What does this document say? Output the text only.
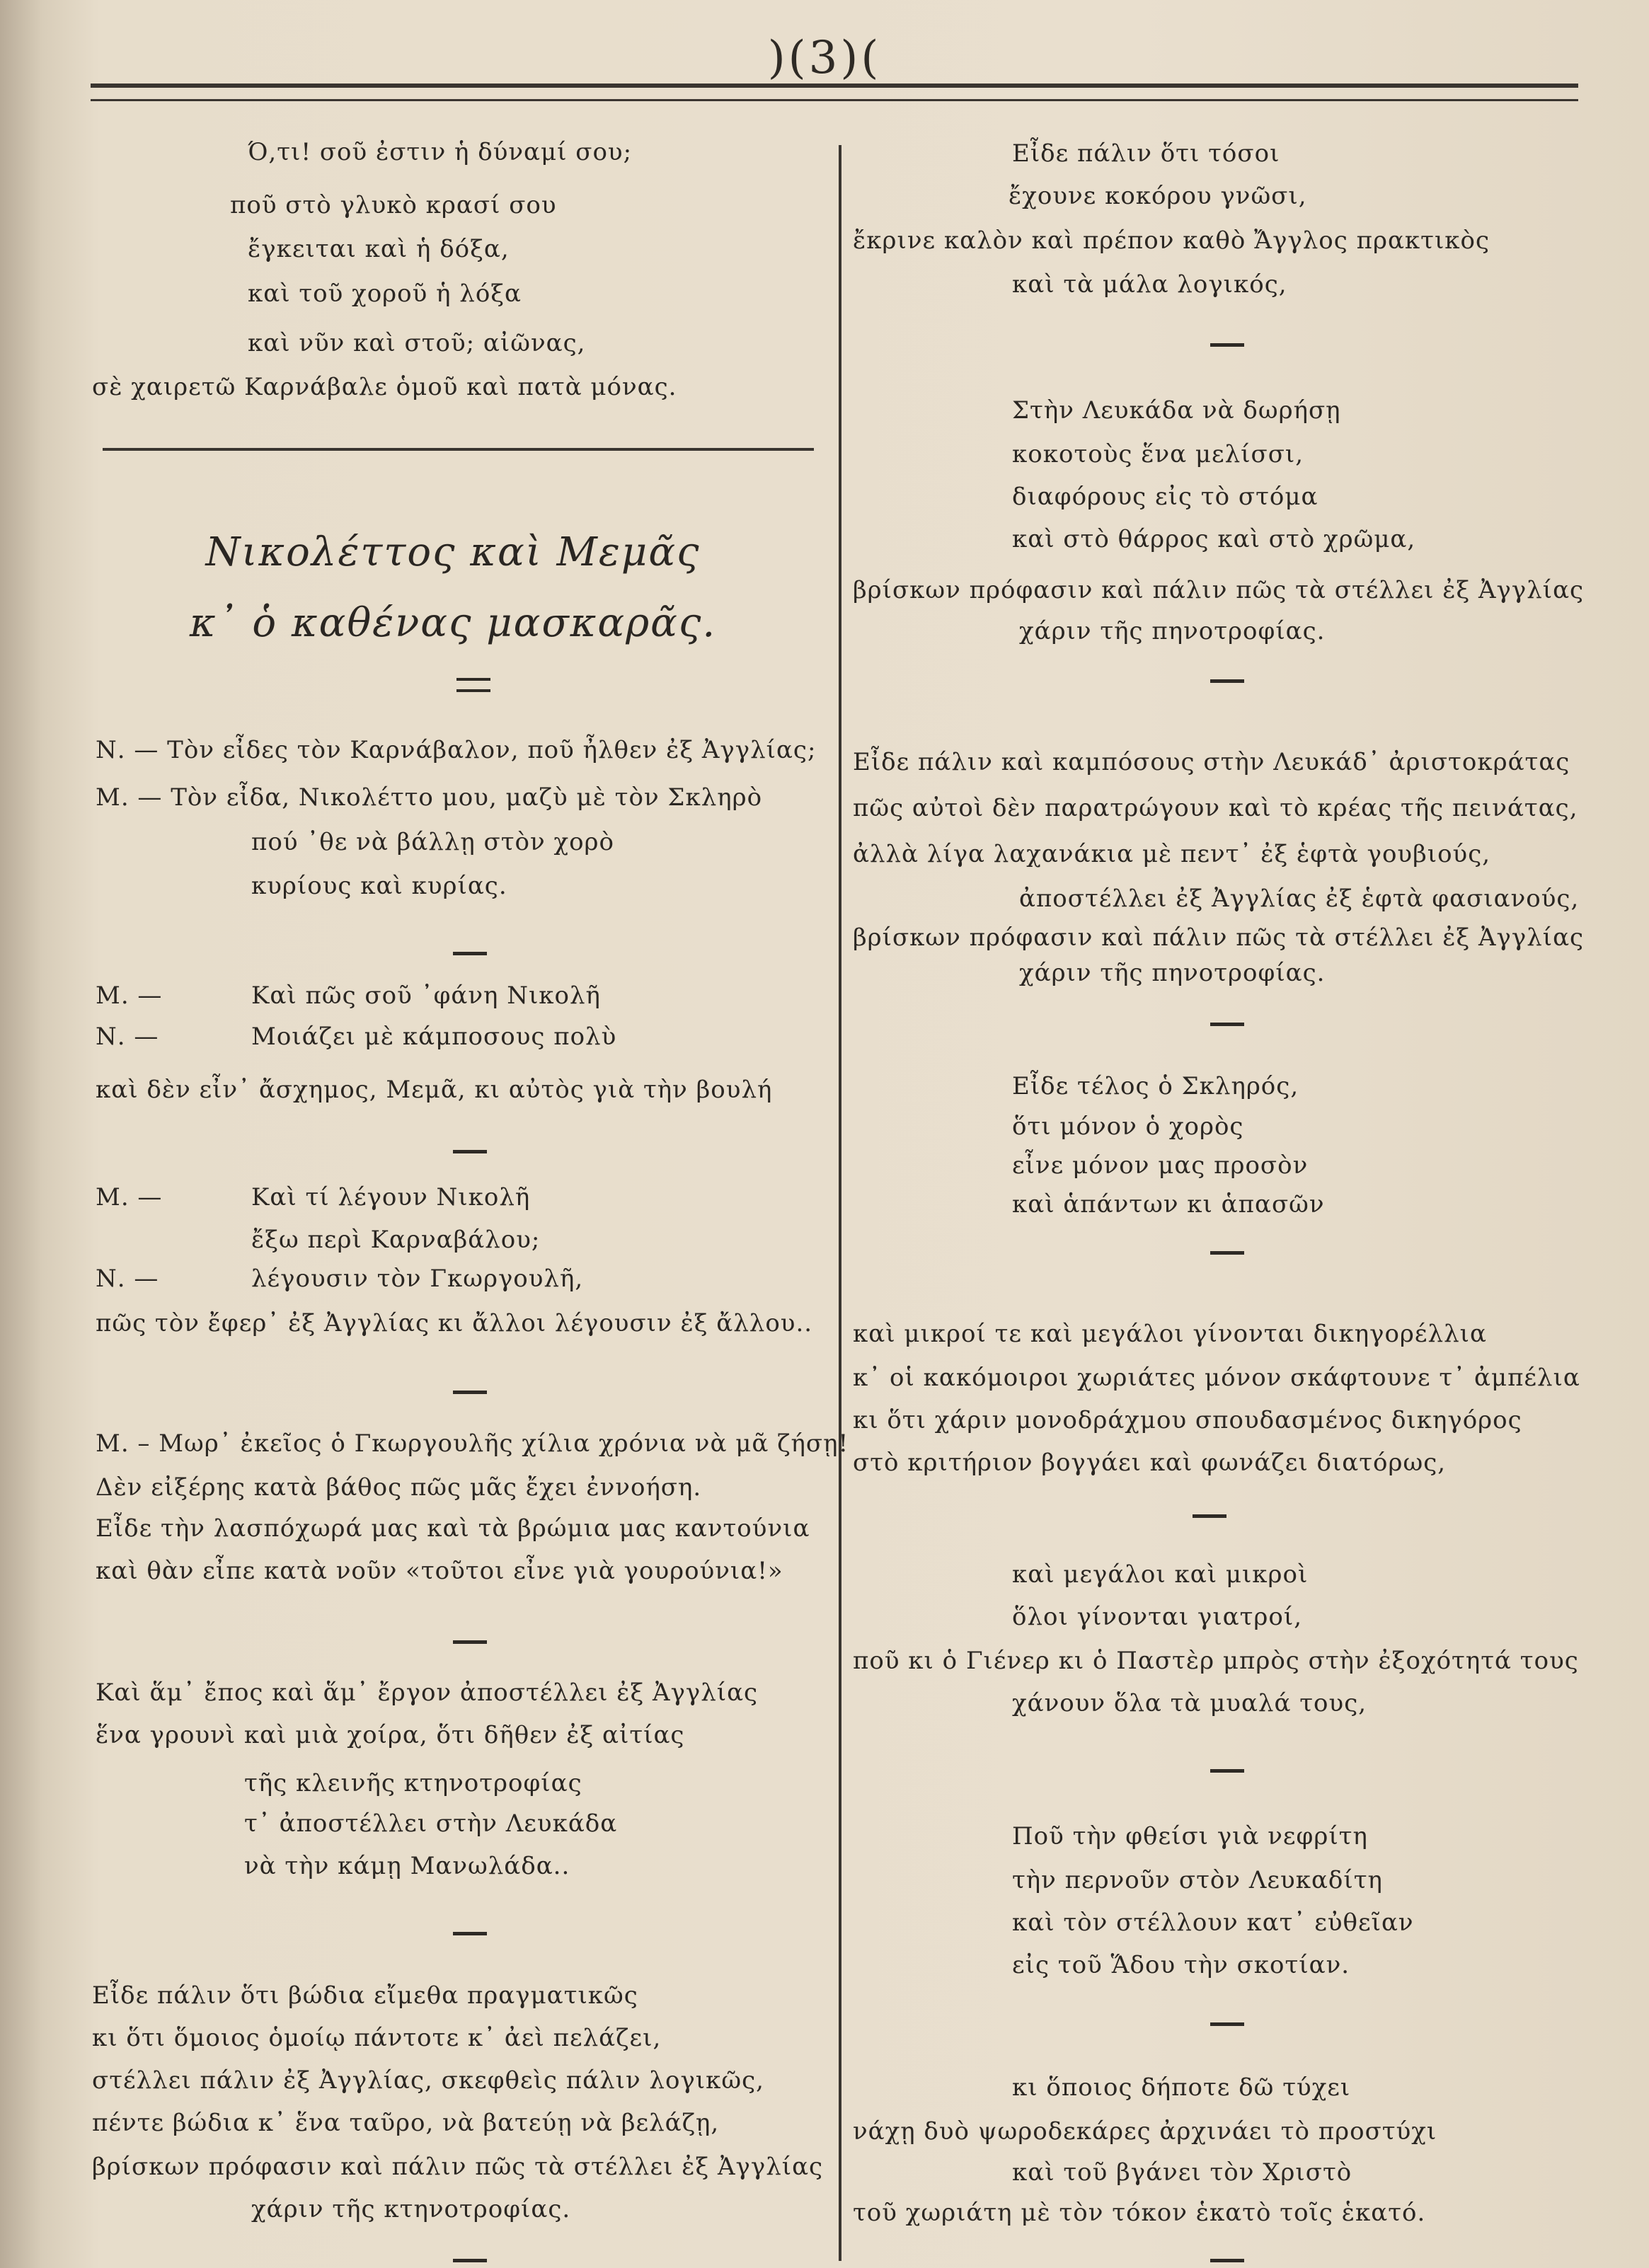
)(3)(
Ό,τι! σοῦ ἐστιν ἡ δύναμί σου;
ποῦ στὸ γλυκὸ κρασί σου
ἔγκειται καὶ ἡ δόξα,
καὶ τοῦ χοροῦ ἡ λόξα
καὶ νῦν καὶ στοῦ; αἰῶνας,
σὲ χαιρετῶ Καρνάβαλε ὁμοῦ καὶ πατὰ μόνας.
Νικολέττος καὶ Μεμᾶς
κ᾽ ὁ καθένας μασκαρᾶς.
Ν. — Τὸν εἶδες τὸν Καρνάβαλον, ποῦ ἦλθεν ἐξ Ἀγγλίας;
Μ. — Τὸν εἶδα, Νικολέττο μου, μαζὺ μὲ τὸν Σκληρὸ
πού ᾽θε νὰ βάλλῃ στὸν χορὸ
κυρίους καὶ κυρίας.
Μ. —	Καὶ πῶς σοῦ ᾽φάνη Νικολῆ
Ν. —	Μοιάζει μὲ κάμποσους πολὺ
καὶ δὲν εἶν᾽ ἄσχημος, Μεμᾶ, κι αὐτὸς γιὰ τὴν βουλή
Μ. —	Καὶ τί λέγουν Νικολῆ
ἔξω περὶ Καρναβάλου;
Ν. —	λέγουσιν τὸν Γκωργουλῆ,
πῶς τὸν ἔφερ᾽ ἐξ Ἀγγλίας κι ἄλλοι λέγουσιν ἐξ ἄλλου..
Μ. – Μωρ᾽ ἐκεῖος ὁ Γκωργουλῆς χίλια χρόνια νὰ μᾶ ζήσῃ!
Δὲν εἰξέρης κατὰ βάθος πῶς μᾶς ἔχει ἐννοήση.
Εἶδε τὴν λασπόχωρά μας καὶ τὰ βρώμια μας καντούνια
καὶ θὰν εἶπε κατὰ νοῦν «τοῦτοι εἶνε γιὰ γουρούνια!»
Καὶ ἅμ᾽ ἔπος καὶ ἅμ᾽ ἔργον ἀποστέλλει ἐξ Ἀγγλίας
ἕνα γρουνὶ καὶ μιὰ χοίρα, ὅτι δῆθεν ἐξ αἰτίας
τῆς κλεινῆς κτηνοτροφίας
τ᾽ ἀποστέλλει στὴν Λευκάδα
νὰ τὴν κάμῃ Μανωλάδα..
Εἶδε πάλιν ὅτι βώδια εἴμεθα πραγματικῶς
κι ὅτι ὅμοιος ὁμοίῳ πάντοτε κ᾽ ἀεὶ πελάζει,
στέλλει πάλιν ἐξ Ἀγγλίας, σκεφθεὶς πάλιν λογικῶς,
πέντε βώδια κ᾽ ἕνα ταῦρο, νὰ βατεύῃ νὰ βελάζῃ,
βρίσκων πρόφασιν καὶ πάλιν πῶς τὰ στέλλει ἐξ Ἀγγλίας
χάριν τῆς κτηνοτροφίας.
Εἶδε πάλιν ὅτι τόσοι
ἔχουνε κοκόρου γνῶσι,
ἔκρινε καλὸν καὶ πρέπον καθὸ Ἄγγλος πρακτικὸς
καὶ τὰ μάλα λογικός,
Στὴν Λευκάδα νὰ δωρήσῃ
κοκοτοὺς ἕνα μελίσσι,
διαφόρους εἰς τὸ στόμα
καὶ στὸ θάρρος καὶ στὸ χρῶμα,
βρίσκων πρόφασιν καὶ πάλιν πῶς τὰ στέλλει ἐξ Ἀγγλίας
χάριν τῆς πηνοτροφίας.
Εἶδε πάλιν καὶ καμπόσους στὴν Λευκάδ᾽ ἀριστοκράτας
πῶς αὐτοὶ δὲν παρατρώγουν καὶ τὸ κρέας τῆς πεινάτας,
ἀλλὰ λίγα λαχανάκια μὲ πεντ᾽ ἐξ ἑφτὰ γουβιούς,
ἀποστέλλει ἐξ Ἀγγλίας ἐξ ἑφτὰ φασιανούς,
βρίσκων πρόφασιν καὶ πάλιν πῶς τὰ στέλλει ἐξ Ἀγγλίας
χάριν τῆς πηνοτροφίας.
Εἶδε τέλος ὁ Σκληρός,
ὅτι μόνον ὁ χορὸς
εἶνε μόνον μας προσὸν
καὶ ἁπάντων κι ἁπασῶν
καὶ μικροί τε καὶ μεγάλοι γίνονται δικηγορέλλια
κ᾽ οἱ κακόμοιροι χωριάτες μόνον σκάφτουνε τ᾽ ἀμπέλια
κι ὅτι χάριν μονοδράχμου σπουδασμένος δικηγόρος
στὸ κριτήριον βογγάει καὶ φωνάζει διατόρως,
καὶ μεγάλοι καὶ μικροὶ
ὅλοι γίνονται γιατροί,
ποῦ κι ὁ Γιένερ κι ὁ Παστὲρ μπρὸς στὴν ἐξοχότητά τους
χάνουν ὅλα τὰ μυαλά τους,
Ποῦ τὴν φθείσι γιὰ νεφρίτη
τὴν περνοῦν στὸν Λευκαδίτη
καὶ τὸν στέλλουν κατ᾽ εὐθεῖαν
εἰς τοῦ Ἅδου τὴν σκοτίαν.
κι ὅποιος δήποτε δῶ τύχει
νάχῃ δυὸ ψωροδεκάρες ἀρχινάει τὸ προστύχι
καὶ τοῦ βγάνει τὸν Χριστὸ
τοῦ χωριάτη μὲ τὸν τόκον ἑκατὸ τοῖς ἑκατό.
